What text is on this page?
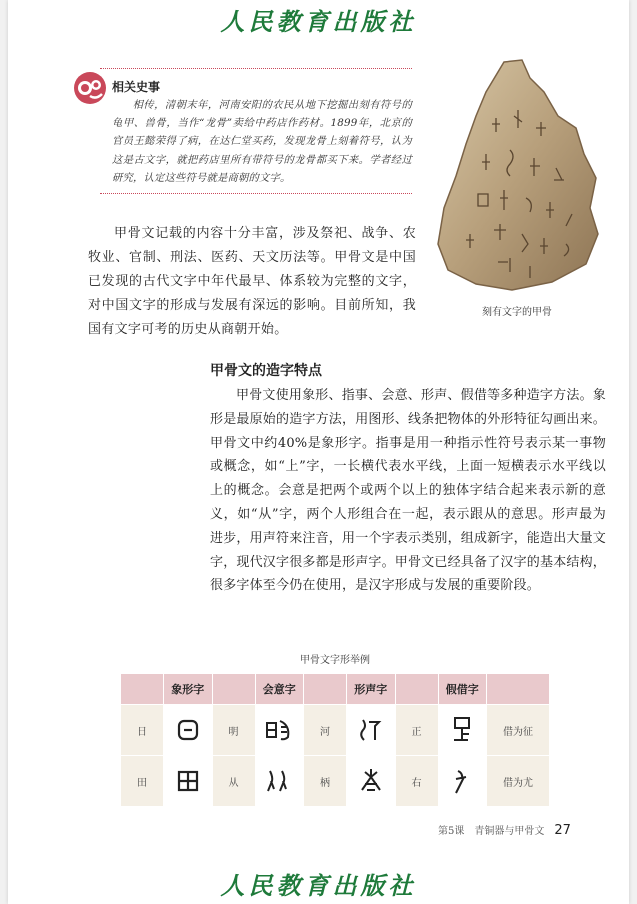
人民教育出版社
相关史事
相传，清朝末年，河南安阳的农民从地下挖掘出刻有符号的龟甲、兽骨，当作“龙骨”卖给中药店作药材。1899年，北京的官员王懿荣得了病，在达仁堂买药，发现龙骨上刻着符号，认为这是古文字，就把药店里所有带符号的龙骨都买下来。学者经过研究，认定这些符号就是商朝的文字。
刻有文字的甲骨
甲骨文记载的内容十分丰富，涉及祭祀、战争、农牧业、官制、刑法、医药、天文历法等。甲骨文是中国已发现的古代文字中年代最早、体系较为完整的文字，对中国文字的形成与发展有深远的影响。目前所知，我国有文字可考的历史从商朝开始。
甲骨文的造字特点
甲骨文使用象形、指事、会意、形声、假借等多种造字方法。象形是最原始的造字方法，用图形、线条把物体的外形特征勾画出来。甲骨文中约40%是象形字。指事是用一种指示性符号表示某一事物或概念，如“上”字，一长横代表水平线，上面一短横表示水平线以上的概念。会意是把两个或两个以上的独体字结合起来表示新的意义，如“从”字，两个人形组合在一起，表示跟从的意思。形声最为进步，用声符来注音，用一个字表示类别，组成新字，能造出大量文字，现代汉字很多都是形声字。甲骨文已经具备了汉字的基本结构，很多字体至今仍在使用，是汉字形成与发展的重要阶段。
甲骨文字形举例
	象形字		会意字		形声字		假借字	
日		明		河		正		借为征
田		从		柄		右		借为尤
第5课　青铜器与甲骨文 27
人民教育出版社
